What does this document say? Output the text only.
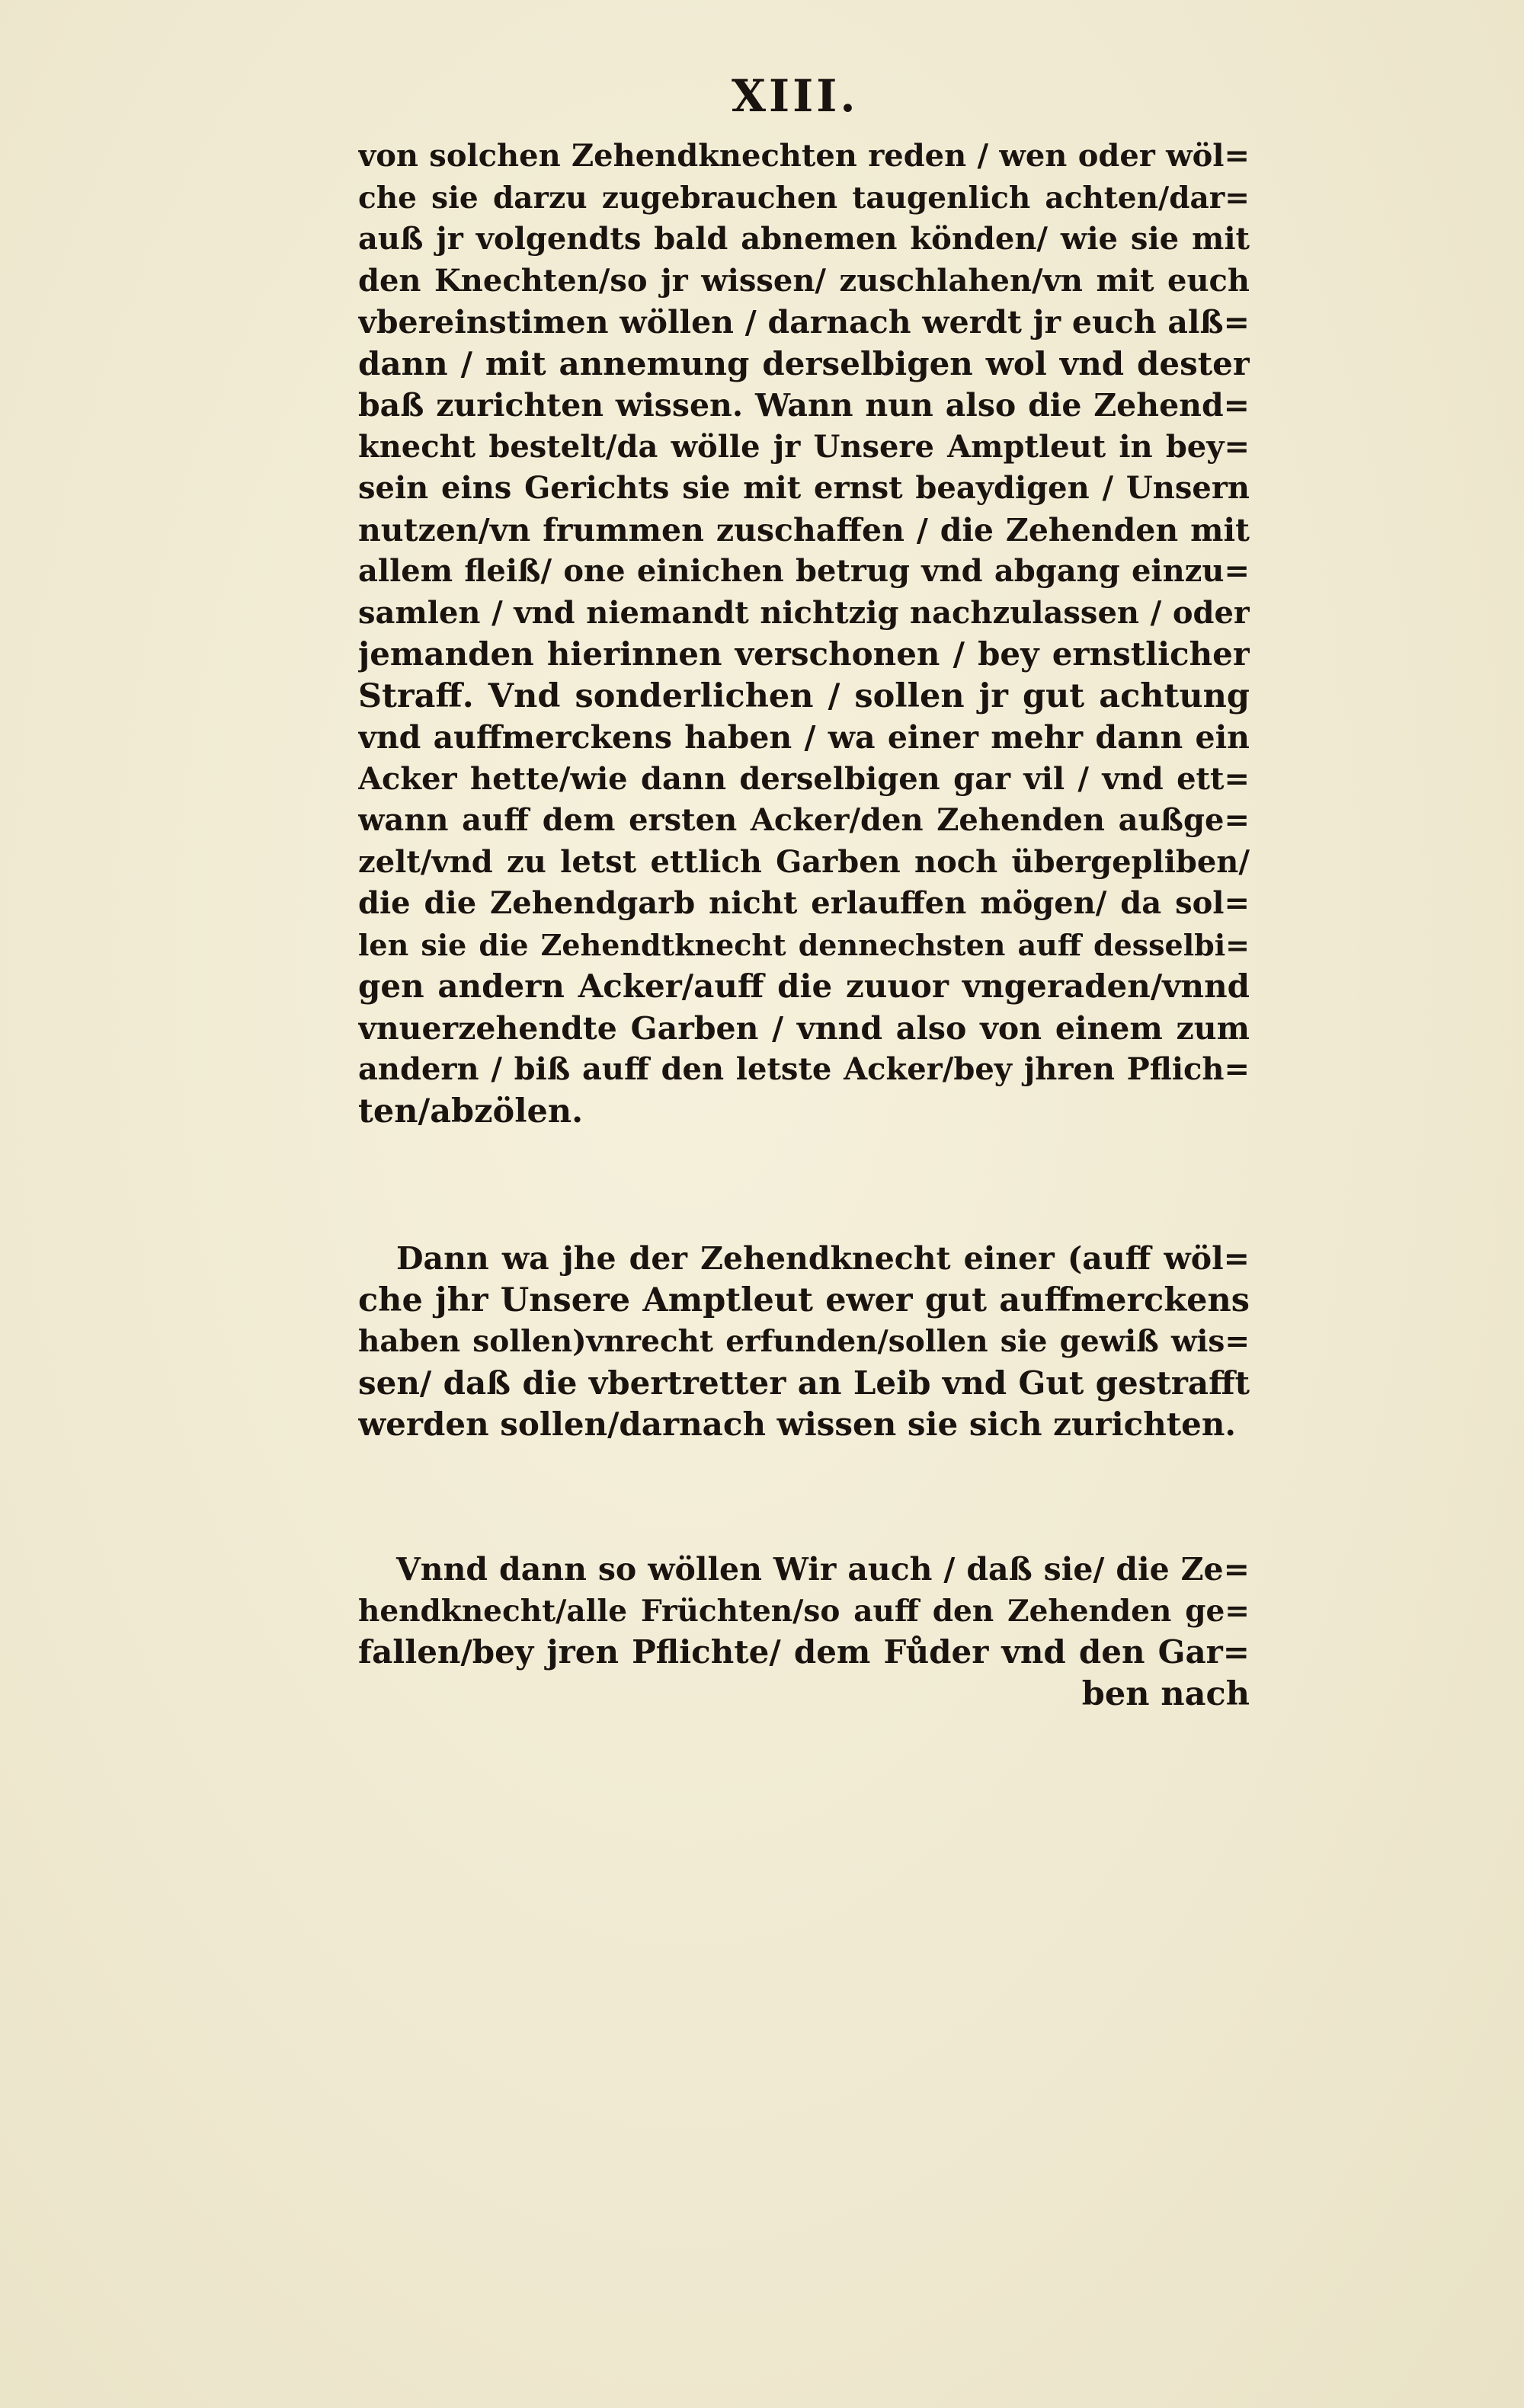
XIII.
von solchen Zehendknechten reden / wen oder wöl=
che sie darzu zugebrauchen taugenlich achten/dar=
auß jr volgendts bald abnemen könden/ wie sie mit
den Knechten/so jr wissen/ zuschlahen/vn mit euch
vbereinstimen wöllen / darnach werdt jr euch alß=
dann / mit annemung derselbigen wol vnd dester
baß zurichten wissen. Wann nun also die Zehend=
knecht bestelt/da wölle jr Unsere Amptleut in bey=
sein eins Gerichts sie mit ernst beaydigen / Unsern
nutzen/vn frummen zuschaffen / die Zehenden mit
allem fleiß/ one einichen betrug vnd abgang einzu=
samlen / vnd niemandt nichtzig nachzulassen / oder
jemanden hierinnen verschonen / bey ernstlicher
Straff. Vnd sonderlichen / sollen jr gut achtung
vnd auffmerckens haben / wa einer mehr dann ein
Acker hette/wie dann derselbigen gar vil / vnd ett=
wann auff dem ersten Acker/den Zehenden außge=
zelt/vnd zu letst ettlich Garben noch übergepliben/
die die Zehendgarb nicht erlauffen mögen/ da sol=
len sie die Zehendtknecht dennechsten auff desselbi=
gen andern Acker/auff die zuuor vngeraden/vnnd
vnuerzehendte Garben / vnnd also von einem zum
andern / biß auff den letste Acker/bey jhren Pflich=
ten/abzölen.
Dann wa jhe der Zehendknecht einer (auff wöl=
che jhr Unsere Amptleut ewer gut auffmerckens
haben sollen)vnrecht erfunden/sollen sie gewiß wis=
sen/ daß die vbertretter an Leib vnd Gut gestrafft
werden sollen/darnach wissen sie sich zurichten.
Vnnd dann so wöllen Wir auch / daß sie/ die Ze=
hendknecht/alle Früchten/so auff den Zehenden ge=
fallen/bey jren Pflichte/ dem Fůder vnd den Gar=
ben nach
